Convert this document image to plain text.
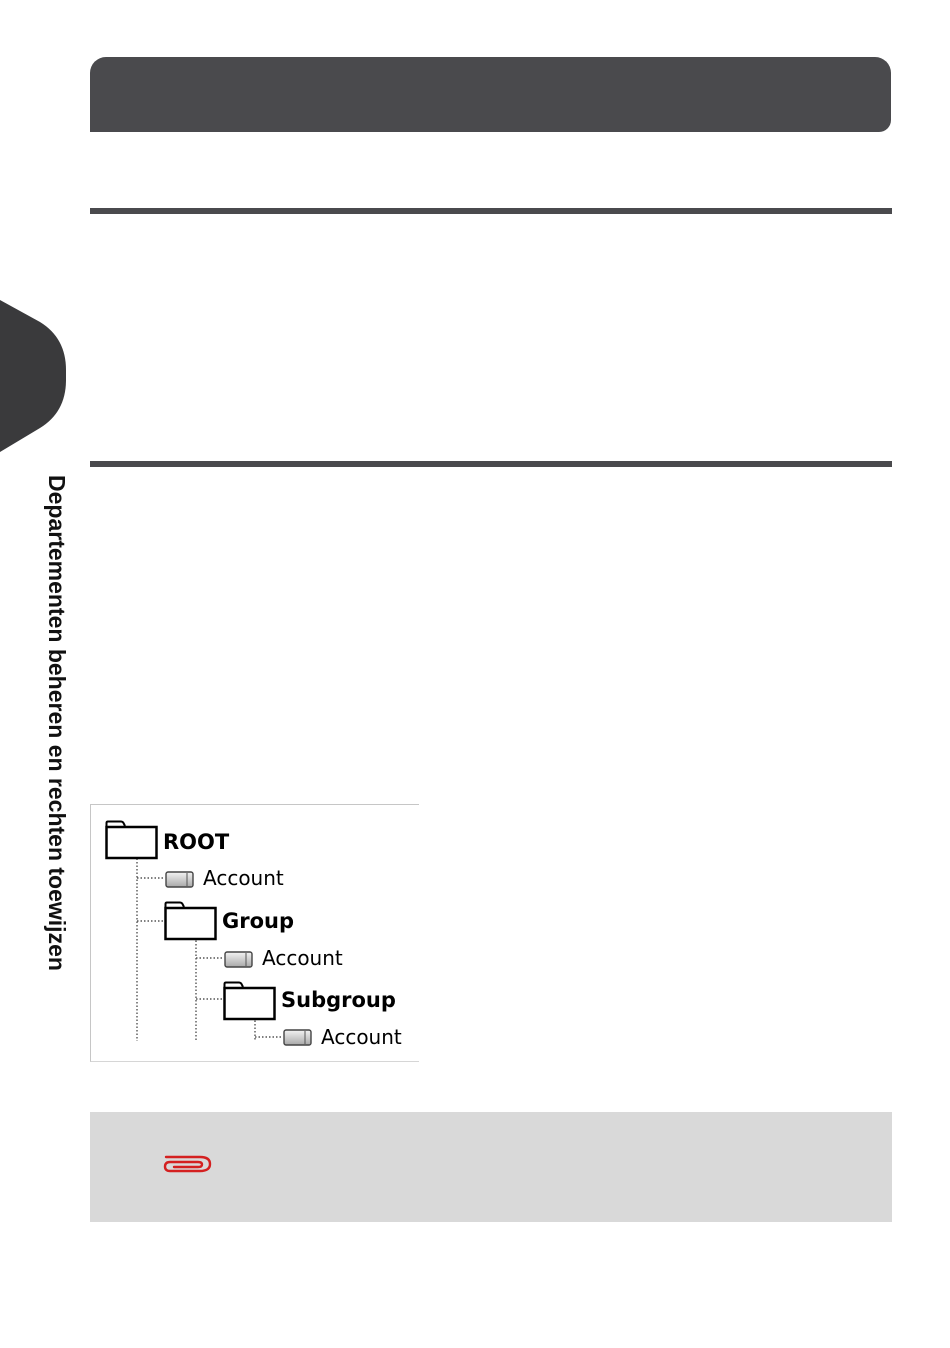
Departementen beheren en rechten toewijzen	ROOT
Account
Group
Account
Subgroup
Account
